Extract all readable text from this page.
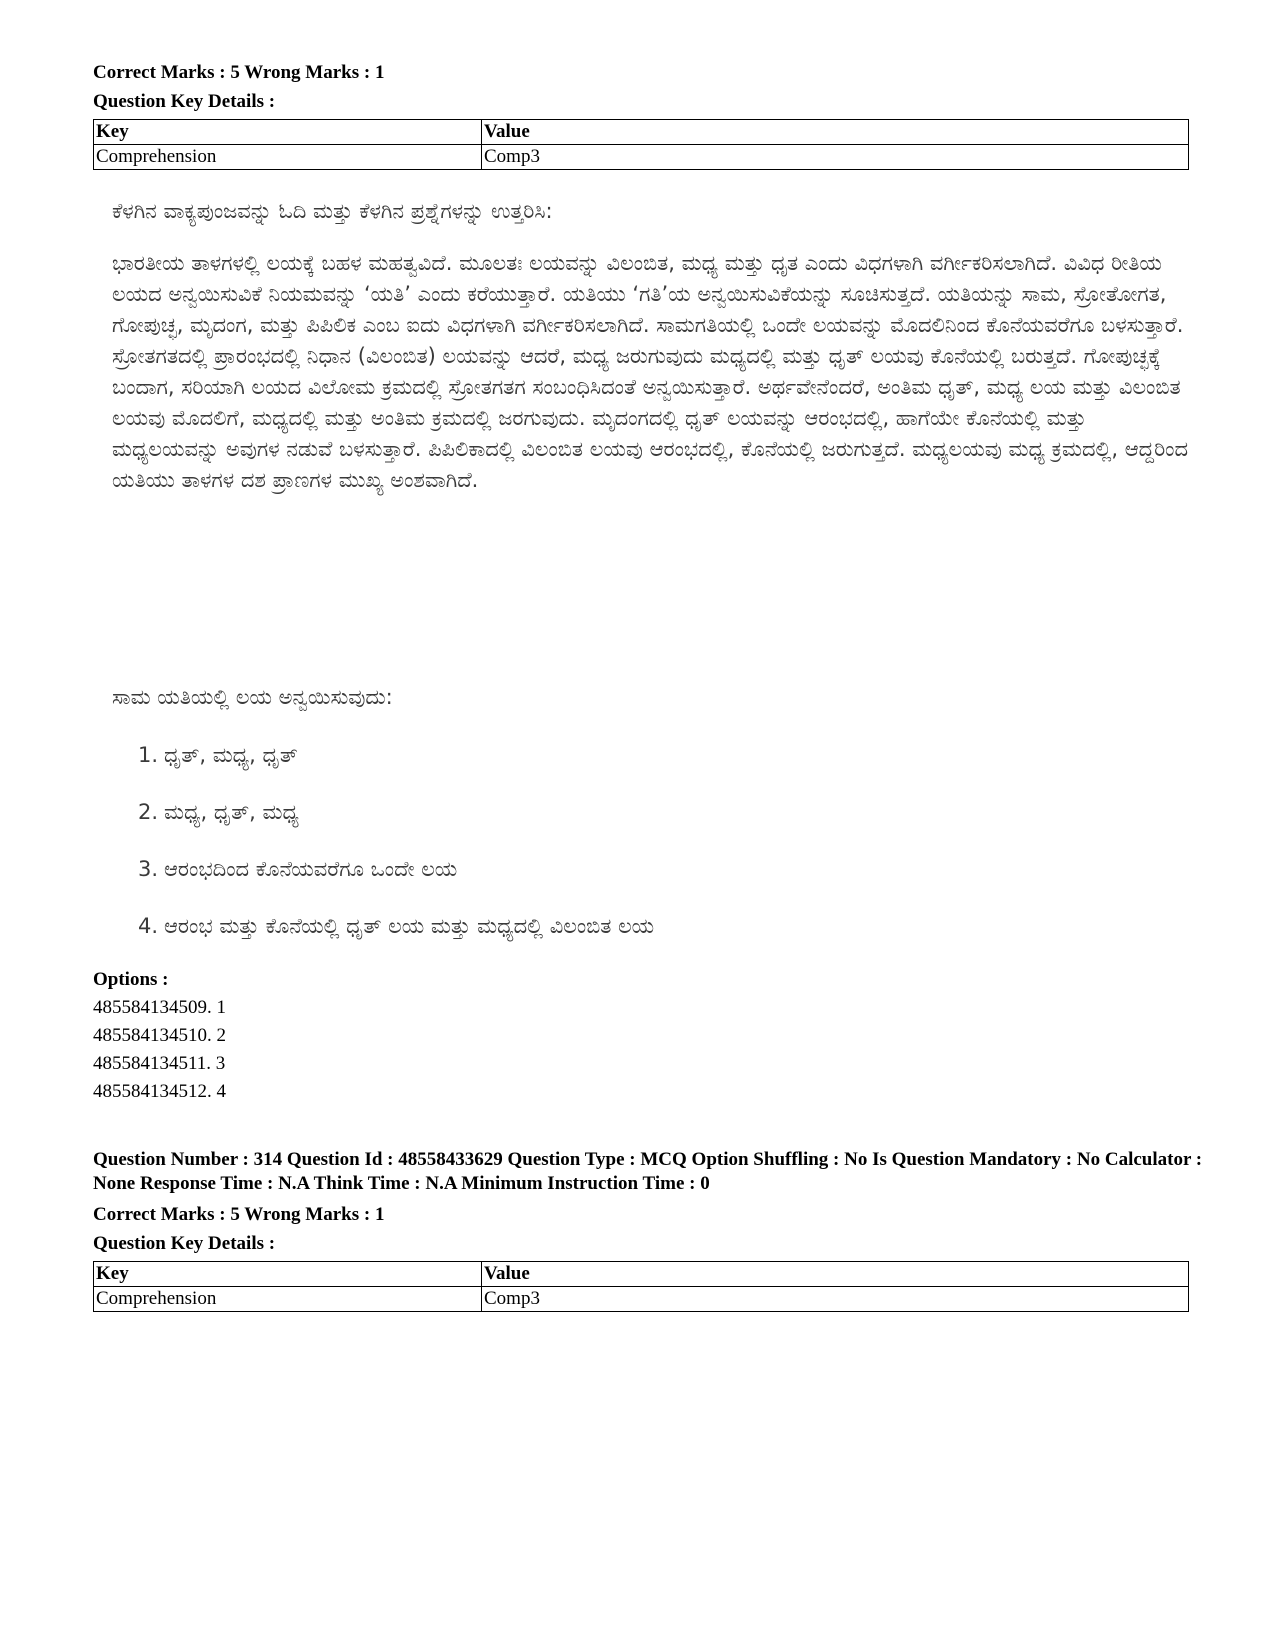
Correct Marks : 5 Wrong Marks : 1
Question Key Details :
Key	Value
Comprehension	Comp3
ಕೆಳಗಿನ ವಾಕ್ಯಪುಂಜವನ್ನು ಓದಿ ಮತ್ತು ಕೆಳಗಿನ ಪ್ರಶ್ನೆಗಳನ್ನು ಉತ್ತರಿಸಿ:

ಭಾರತೀಯ ತಾಳಗಳಲ್ಲಿ ಲಯಕ್ಕೆ ಬಹಳ ಮಹತ್ವವಿದೆ. ಮೂಲತಃ ಲಯವನ್ನು ವಿಲಂಬಿತ, ಮಧ್ಯ ಮತ್ತು ಧೃತ ಎಂದು ವಿಧಗಳಾಗಿ ವರ್ಗೀಕರಿಸಲಾಗಿದೆ. ವಿವಿಧ ರೀತಿಯ ಲಯದ ಅನ್ವಯಿಸುವಿಕೆ ನಿಯಮವನ್ನು ‘ಯತಿ’ ಎಂದು ಕರೆಯುತ್ತಾರೆ. ಯತಿಯು ‘ಗತಿ’ಯ ಅನ್ವಯಿಸುವಿಕೆಯನ್ನು ಸೂಚಿಸುತ್ತದೆ. ಯತಿಯನ್ನು ಸಾಮ, ಸ್ರೋತೋಗತ, ಗೋಪುಚ್ಛ, ಮೃದಂಗ, ಮತ್ತು ಪಿಪಿಲಿಕ ಎಂಬ ಐದು ವಿಧಗಳಾಗಿ ವರ್ಗೀಕರಿಸಲಾಗಿದೆ. ಸಾಮಗತಿಯಲ್ಲಿ ಒಂದೇ ಲಯವನ್ನು ಮೊದಲಿನಿಂದ ಕೊನೆಯವರೆಗೂ ಬಳಸುತ್ತಾರೆ. ಸ್ರೋತಗತದಲ್ಲಿ ಪ್ರಾರಂಭದಲ್ಲಿ ನಿಧಾನ (ವಿಲಂಬಿತ) ಲಯವನ್ನು ಆದರೆ, ಮಧ್ಯ ಜರುಗುವುದು ಮಧ್ಯದಲ್ಲಿ ಮತ್ತು ಧೃತ್ ಲಯವು ಕೊನೆಯಲ್ಲಿ ಬರುತ್ತದೆ. ಗೋಪುಚ್ಛಕ್ಕೆ ಬಂದಾಗ, ಸರಿಯಾಗಿ ಲಯದ ವಿಲೋಮ ಕ್ರಮದಲ್ಲಿ ಸ್ರೋತಗತಗ ಸಂಬಂಧಿಸಿದಂತೆ ಅನ್ವಯಿಸುತ್ತಾರೆ. ಅರ್ಥವೇನೆಂದರೆ, ಅಂತಿಮ ಧೃತ್, ಮಧ್ಯ ಲಯ ಮತ್ತು ವಿಲಂಬಿತ ಲಯವು ಮೊದಲಿಗೆ, ಮಧ್ಯದಲ್ಲಿ ಮತ್ತು ಅಂತಿಮ ಕ್ರಮದಲ್ಲಿ ಜರಗುವುದು. ಮೃದಂಗದಲ್ಲಿ ಧೃತ್ ಲಯವನ್ನು ಆರಂಭದಲ್ಲಿ, ಹಾಗೆಯೇ ಕೊನೆಯಲ್ಲಿ ಮತ್ತು ಮಧ್ಯಲಯವನ್ನು ಅವುಗಳ ನಡುವೆ ಬಳಸುತ್ತಾರೆ. ಪಿಪಿಲಿಕಾದಲ್ಲಿ ವಿಲಂಬಿತ ಲಯವು ಆರಂಭದಲ್ಲಿ, ಕೊನೆಯಲ್ಲಿ ಜರುಗುತ್ತದೆ. ಮಧ್ಯಲಯವು ಮಧ್ಯ ಕ್ರಮದಲ್ಲಿ, ಆದ್ದರಿಂದ ಯತಿಯು ತಾಳಗಳ ದಶ ಪ್ರಾಣಗಳ ಮುಖ್ಯ ಅಂಶವಾಗಿದೆ.

ಸಾಮ ಯತಿಯಲ್ಲಿ ಲಯ ಅನ್ವಯಿಸುವುದು:
1. ಧೃತ್, ಮಧ್ಯ, ಧೃತ್
2. ಮಧ್ಯ, ಧೃತ್, ಮಧ್ಯ
3. ಆರಂಭದಿಂದ ಕೊನೆಯವರೆಗೂ ಒಂದೇ ಲಯ
4. ಆರಂಭ ಮತ್ತು ಕೊನೆಯಲ್ಲಿ ಧೃತ್ ಲಯ ಮತ್ತು ಮಧ್ಯದಲ್ಲಿ ವಿಲಂಬಿತ ಲಯ
Options :
485584134509. 1
485584134510. 2
485584134511. 3
485584134512. 4

Question Number : 314 Question Id : 48558433629 Question Type : MCQ Option Shuffling : No Is Question Mandatory : No Calculator : None Response Time : N.A Think Time : N.A Minimum Instruction Time : 0

Correct Marks : 5 Wrong Marks : 1
Question Key Details :
Key	Value
Comprehension	Comp3
